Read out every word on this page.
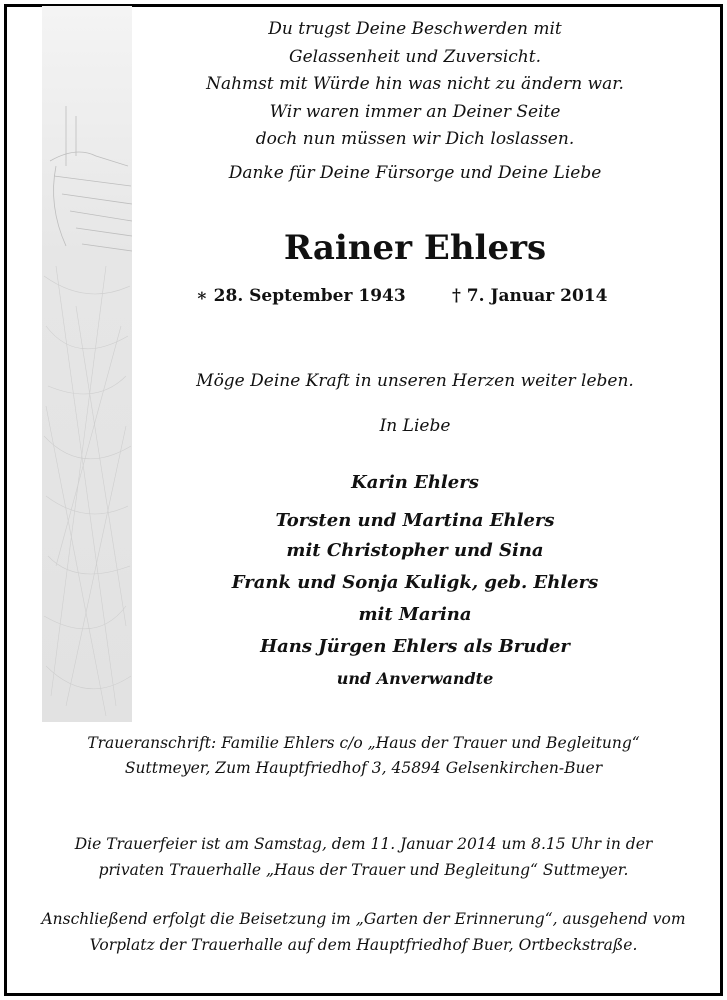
Du trugst Deine Beschwerden mit
Gelassenheit und Zuversicht.
Nahmst mit Würde hin was nicht zu ändern war.
Wir waren immer an Deiner Seite
doch nun müssen wir Dich loslassen.
Danke für Deine Fürsorge und Deine Liebe
Rainer Ehlers
∗ 28. September 1943	† 7. Januar 2014
Möge Deine Kraft in unseren Herzen weiter leben.
In Liebe
Karin Ehlers
Torsten und Martina Ehlers
mit Christopher und Sina
Frank und Sonja Kuligk, geb. Ehlers
mit Marina
Hans Jürgen Ehlers als Bruder
und Anverwandte
Traueranschrift: Familie Ehlers c/o „Haus der Trauer und Begleitung“
Suttmeyer, Zum Hauptfriedhof 3, 45894 Gelsenkirchen-Buer
Die Trauerfeier ist am Samstag, dem 11. Januar 2014 um 8.15 Uhr in der
privaten Trauerhalle „Haus der Trauer und Begleitung“ Suttmeyer.
Anschließend erfolgt die Beisetzung im „Garten der Erinnerung“, ausgehend vom
Vorplatz der Trauerhalle auf dem Hauptfriedhof Buer, Ortbeckstraße.
